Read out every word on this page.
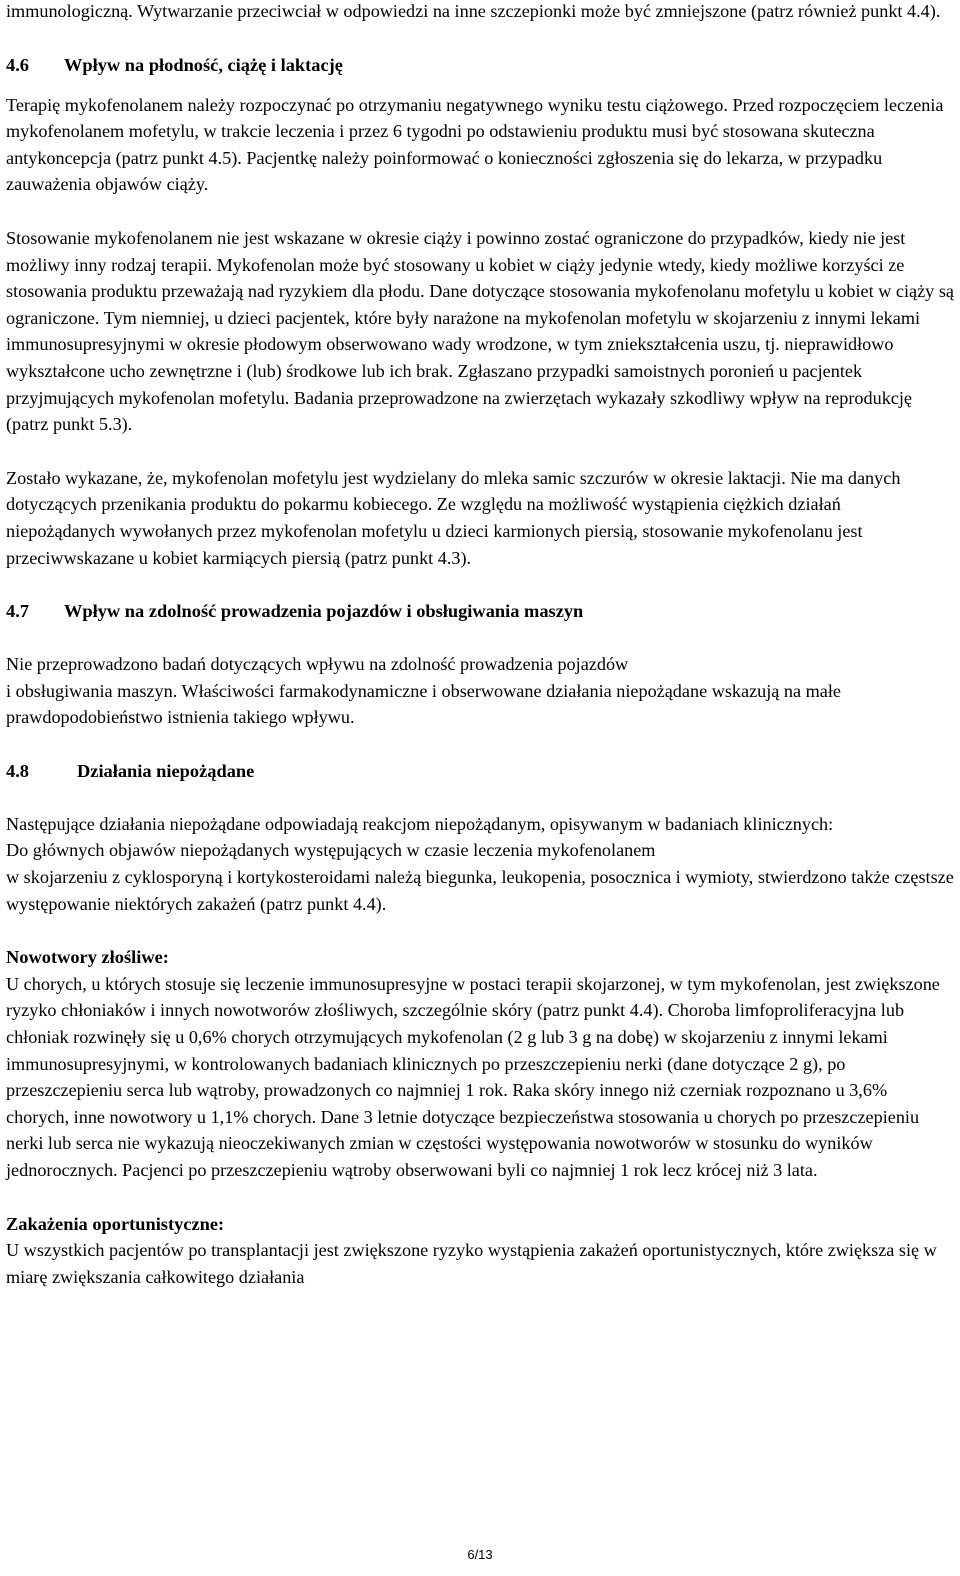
immunologiczną. Wytwarzanie przeciwciał w odpowiedzi na inne szczepionki może być zmniejszone (patrz również punkt 4.4).

4.6 Wpływ na płodność, ciążę i laktację

Terapię mykofenolanem należy rozpoczynać po otrzymaniu negatywnego wyniku testu ciążowego. Przed rozpoczęciem leczenia mykofenolanem mofetylu, w trakcie leczenia i przez 6 tygodni po odstawieniu produktu musi być stosowana skuteczna antykoncepcja (patrz punkt 4.5). Pacjentkę należy poinformować o konieczności zgłoszenia się do lekarza, w przypadku zauważenia objawów ciąży.

Stosowanie mykofenolanem nie jest wskazane w okresie ciąży i powinno zostać ograniczone do przypadków, kiedy nie jest możliwy inny rodzaj terapii. Mykofenolan może być stosowany u kobiet w ciąży jedynie wtedy, kiedy możliwe korzyści ze stosowania produktu przeważają nad ryzykiem dla płodu. Dane dotyczące stosowania mykofenolanu mofetylu u kobiet w ciąży są ograniczone. Tym niemniej, u dzieci pacjentek, które były narażone na mykofenolan mofetylu w skojarzeniu z innymi lekami immunosupresyjnymi w okresie płodowym obserwowano wady wrodzone, w tym zniekształcenia uszu, tj. nieprawidłowo wykształcone ucho zewnętrzne i (lub) środkowe lub ich brak. Zgłaszano przypadki samoistnych poronień u pacjentek przyjmujących mykofenolan mofetylu. Badania przeprowadzone na zwierzętach wykazały szkodliwy wpływ na reprodukcję (patrz punkt 5.3).

Zostało wykazane, że, mykofenolan mofetylu jest wydzielany do mleka samic szczurów w okresie laktacji. Nie ma danych dotyczących przenikania produktu do pokarmu kobiecego. Ze względu na możliwość wystąpienia ciężkich działań niepożądanych wywołanych przez mykofenolan mofetylu u dzieci karmionych piersią, stosowanie mykofenolanu jest przeciwwskazane u kobiet karmiących piersią (patrz punkt 4.3).

4.7 Wpływ na zdolność prowadzenia pojazdów i obsługiwania maszyn

Nie przeprowadzono badań dotyczących wpływu na zdolność prowadzenia pojazdów

i obsługiwania maszyn. Właściwości farmakodynamiczne i obserwowane działania niepożądane wskazują na małe prawdopodobieństwo istnienia takiego wpływu.

4.8	Działania niepożądane

Następujące działania niepożądane odpowiadają reakcjom niepożądanym, opisywanym w badaniach klinicznych:

Do głównych objawów niepożądanych występujących w czasie leczenia mykofenolanem

w skojarzeniu z cyklosporyną i kortykosteroidami należą biegunka, leukopenia, posocznica i wymioty, stwierdzono także częstsze występowanie niektórych zakażeń (patrz punkt 4.4).

Nowotwory złośliwe:

U chorych, u których stosuje się leczenie immunosupresyjne w postaci terapii skojarzonej, w tym mykofenolan, jest zwiększone ryzyko chłoniaków i innych nowotworów złośliwych, szczególnie skóry (patrz punkt 4.4). Choroba limfoproliferacyjna lub chłoniak rozwinęły się u 0,6% chorych otrzymujących mykofenolan (2 g lub 3 g na dobę) w skojarzeniu z innymi lekami immunosupresyjnymi, w kontrolowanych badaniach klinicznych po przeszczepieniu nerki (dane dotyczące 2 g), po przeszczepieniu serca lub wątroby, prowadzonych co najmniej 1 rok. Raka skóry innego niż czerniak rozpoznano u 3,6% chorych, inne nowotwory u 1,1% chorych. Dane 3 letnie dotyczące bezpieczeństwa stosowania u chorych po przeszczepieniu nerki lub serca nie wykazują nieoczekiwanych zmian w częstości występowania nowotworów w stosunku do wyników jednorocznych. Pacjenci po przeszczepieniu wątroby obserwowani byli co najmniej 1 rok lecz krócej niż 3 lata.

Zakażenia oportunistyczne:

U wszystkich pacjentów po transplantacji jest zwiększone ryzyko wystąpienia zakażeń oportunistycznych, które zwiększa się w miarę zwiększania całkowitego działania

6/13
